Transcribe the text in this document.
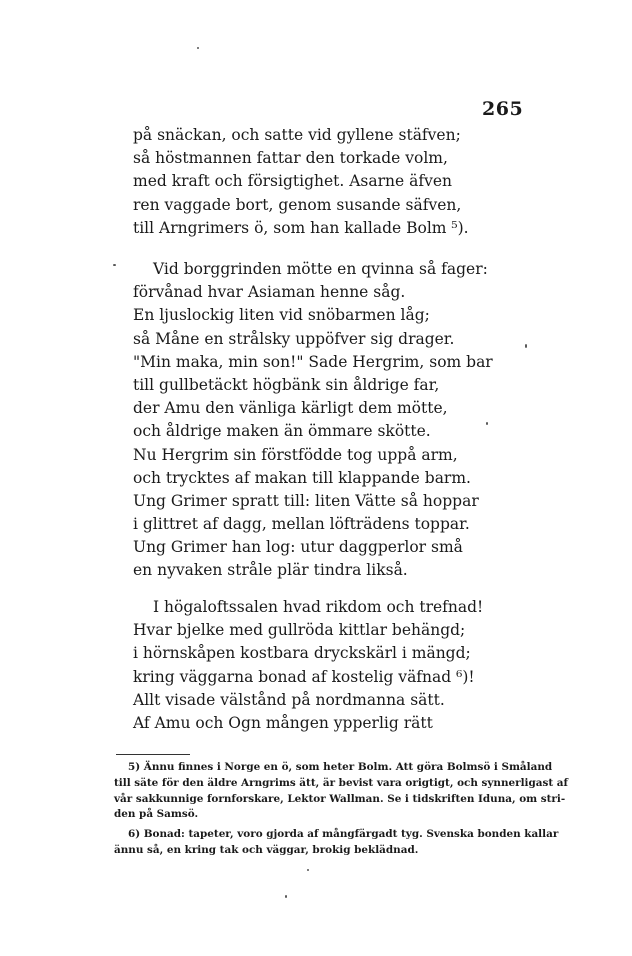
265
på snäckan, och satte vid gyllene stäfven;
så höstmannen fattar den torkade volm,
med kraft och försigtighet. Asarne äfven
ren vaggade bort, genom susande säfven,
till Arngrimers ö, som han kallade Bolm ⁵).
Vid borggrinden mötte en qvinna så fager:
förvånad hvar Asiaman henne såg.
En ljuslockig liten vid snöbarmen låg;
så Måne en strålsky uppöfver sig drager.
"Min maka, min son!" Sade Hergrim, som bar
till gullbetäckt högbänk sin åldrige far,
der Amu den vänliga kärligt dem mötte,
och åldrige maken än ömmare skötte.
Nu Hergrim sin förstfödde tog uppå arm,
och trycktes af makan till klappande barm.
Ung Grimer spratt till: liten Vätte så hoppar
i glittret af dagg, mellan löfträdens toppar.
Ung Grimer han log: utur daggperlor små
en nyvaken stråle plär tindra likså.
I högaloftssalen hvad rikdom och trefnad!
Hvar bjelke med gullröda kittlar behängd;
i hörnskåpen kostbara dryckskärl i mängd;
kring väggarna bonad af kostelig väfnad ⁶)!
Allt visade välstånd på nordmanna sätt.
Af Amu och Ogn mången ypperlig rätt
5) Ännu finnes i Norge en ö, som heter Bolm. Att göra Bolmsö i Småland
till säte för den äldre Arngrims ätt, är bevist vara origtigt, och synnerligast af
vår sakkunnige fornforskare, Lektor Wallman. Se i tidskriften Iduna, om stri-
den på Samsö.
6) Bonad: tapeter, voro gjorda af mångfärgadt tyg. Svenska bonden kallar
ännu så, en kring tak och väggar, brokig beklädnad.
